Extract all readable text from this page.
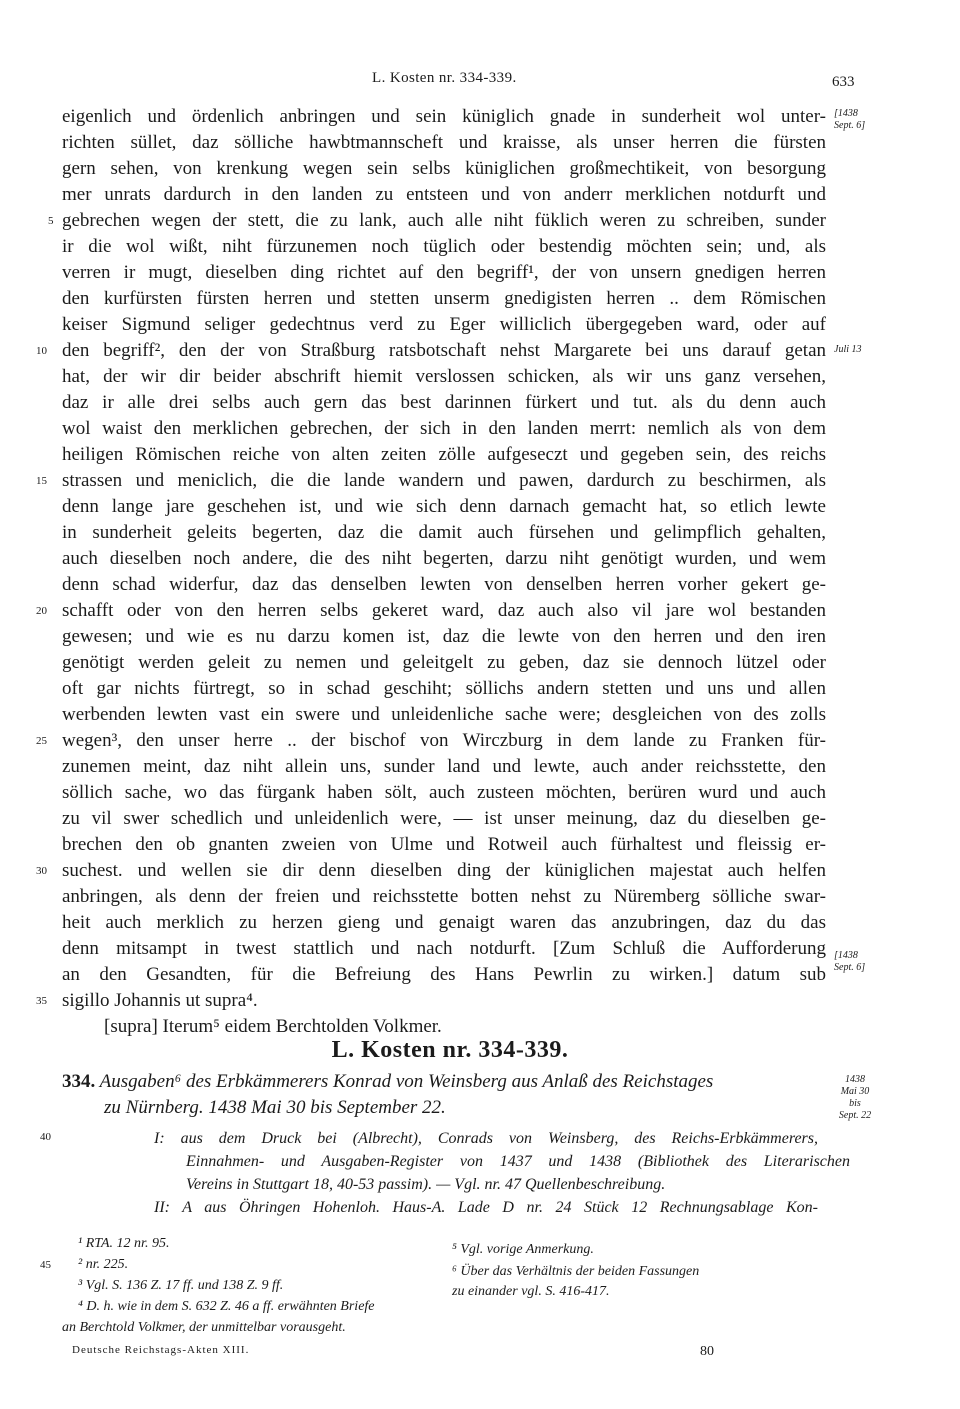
L. Kosten nr. 334-339.	633
eigenlich und ördenlich anbringen und sein küniglich gnade in sunderheit wol unter-
richten süllet, daz sölliche hawbtmannscheft und kraisse, als unser herren die fürsten
gern sehen, von krenkung wegen sein selbs küniglichen großmechtikeit, von besorgung
mer unrats dardurch in den landen zu entsteen und von anderr merklichen notdurft und
gebrechen wegen der stett, die zu lank, auch alle niht füklich weren zu schreiben, sunder
ir die wol wißt, niht fürzunemen noch tüglich oder bestendig möchten sein; und, als
verren ir mugt, dieselben ding richtet auf den begriff¹, der von unsern gnedigen herren
den kurfürsten fürsten herren und stetten unserm gnedigisten herren .. dem Römischen
keiser Sigmund seliger gedechtnus verd zu Eger williclich übergegeben ward, oder auf
den begriff², den der von Straßburg ratsbotschaft nehst Margarete bei uns darauf getan
hat, der wir dir beider abschrift hiemit verslossen schicken, als wir uns ganz versehen,
daz ir alle drei selbs auch gern das best darinnen fürkert und tut. als du denn auch
wol waist den merklichen gebrechen, der sich in den landen merrt: nemlich als von dem
heiligen Römischen reiche von alten zeiten zölle aufgeseczt und gegeben sein, des reichs
strassen und meniclich, die die lande wandern und pawen, dardurch zu beschirmen, als
denn lange jare geschehen ist, und wie sich denn darnach gemacht hat, so etlich lewte
in sunderheit geleits begerten, daz die damit auch fürsehen und gelimpflich gehalten,
auch dieselben noch andere, die des niht begerten, darzu niht genötigt wurden, und wem
denn schad widerfur, daz das denselben lewten von denselben herren vorher gekert ge-
schafft oder von den herren selbs gekeret ward, daz auch also vil jare wol bestanden
gewesen; und wie es nu darzu komen ist, daz die lewte von den herren und den iren
genötigt werden geleit zu nemen und geleitgelt zu geben, daz sie dennoch lützel oder
oft gar nichts fürtregt, so in schad geschiht; söllichs andern stetten und uns und allen
werbenden lewten vast ein swere und unleidenliche sache were; desgleichen von des zolls
wegen³, den unser herre .. der bischof von Wirczburg in dem lande zu Franken für-
zunemen meint, daz niht allein uns, sunder land und lewte, auch ander reichsstette, den
söllich sache, wo das fürgank haben sölt, auch zusteen möchten, berüren wurd und auch
zu vil swer schedlich und unleidenlich were, — ist unser meinung, daz du dieselben ge-
brechen den ob gnanten zweien von Ulme und Rotweil auch fürhaltest und fleissig er-
suchest. und wellen sie dir denn dieselben ding der küniglichen majestat auch helfen
anbringen, als denn der freien und reichsstette botten nehst zu Nüremberg sölliche swar-
heit auch merklich zu herzen gieng und genaigt waren das anzubringen, daz du das
denn mitsampt in twest stattlich und nach notdurft. [Zum Schluß die Aufforderung
an den Gesandten, für die Befreiung des Hans Pewrlin zu wirken.] datum sub
sigillo Johannis ut supra⁴.
[supra] Iterum⁵ eidem Berchtolden Volkmer.
5
10
15
20
25
30
35
[1438
Sept. 6]
Juli 13
[1438
Sept. 6]
L. Kosten nr. 334-339.
334. Ausgaben⁶ des Erbkämmerers Konrad von Weinsberg aus Anlaß des Reichstages
zu Nürnberg. 1438 Mai 30 bis September 22.
1438
Mai 30
bis
Sept. 22
I: aus dem Druck bei (Albrecht), Conrads von Weinsberg, des Reichs-Erbkämmerers,
Einnahmen- und Ausgaben-Register von 1437 und 1438 (Bibliothek des Literarischen
Vereins in Stuttgart 18, 40-53 passim). — Vgl. nr. 47 Quellenbeschreibung.
II: A aus Öhringen Hohenloh. Haus-A. Lade D nr. 24 Stück 12 Rechnungsablage Kon-
40
45
¹ RTA. 12 nr. 95.
² nr. 225.
³ Vgl. S. 136 Z. 17 ff. und 138 Z. 9 ff.
⁴ D. h. wie in dem S. 632 Z. 46 a ff. erwähnten Briefe
an Berchtold Volkmer, der unmittelbar vorausgeht.
⁵ Vgl. vorige Anmerkung.
⁶ Über das Verhältnis der beiden Fassungen
zu einander vgl. S. 416-417.
Deutsche Reichstags-Akten XIII.	80
